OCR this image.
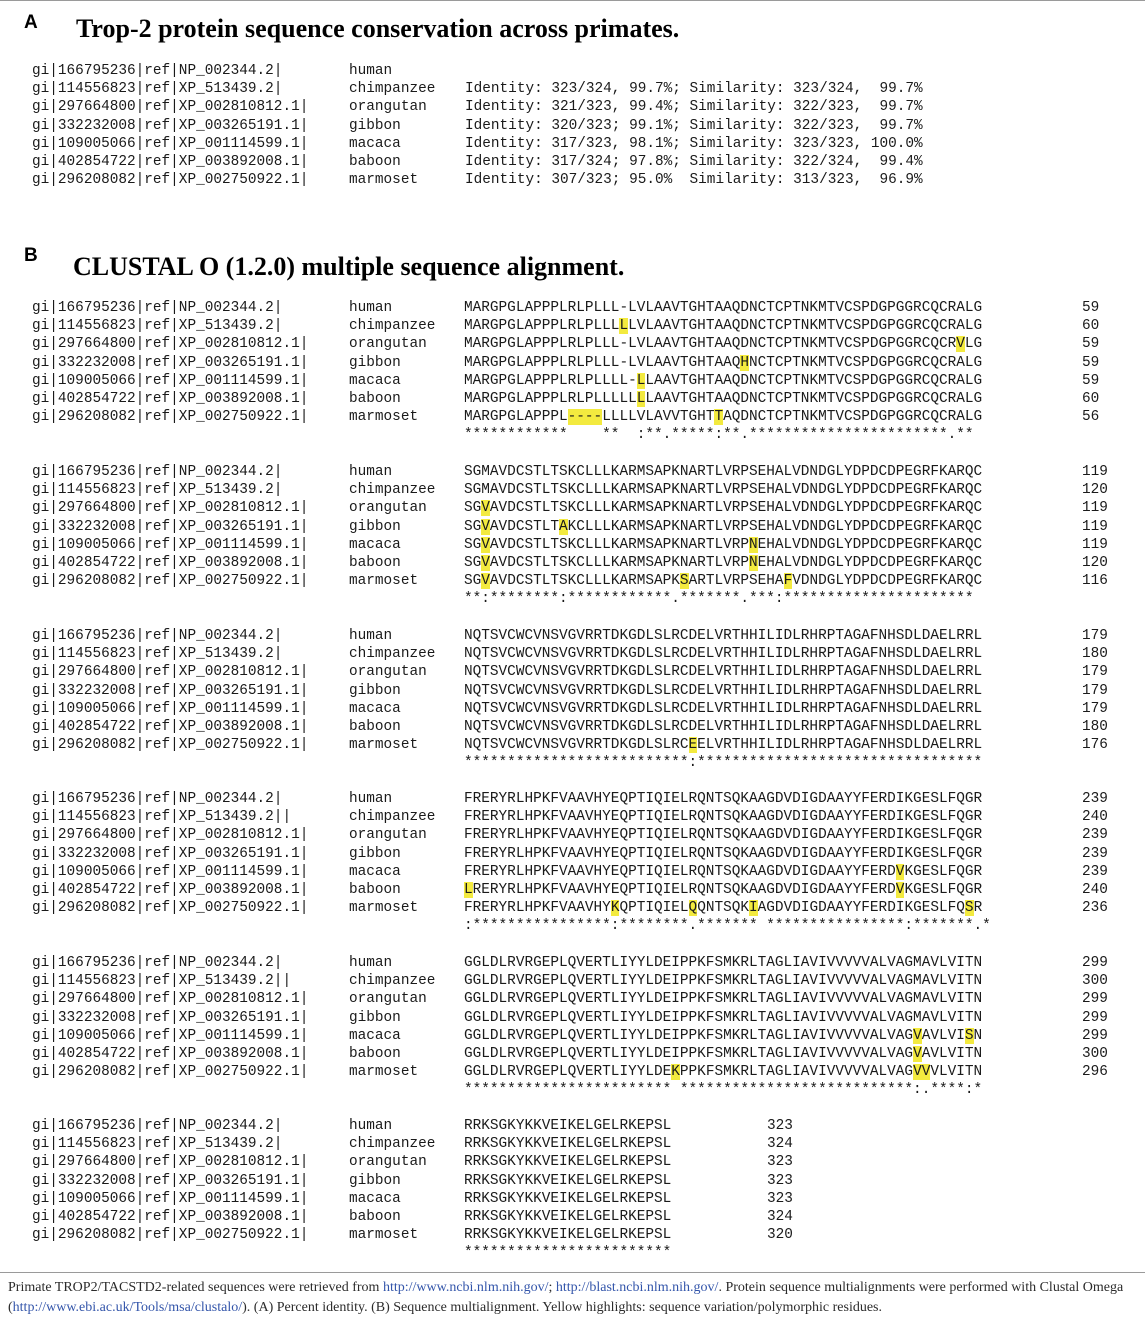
A Trop-2 protein sequence conservation across primates.
gi|166795236|ref|NP_002344.2|	human
gi|114556823|ref|XP_513439.2|	chimpanzee Identity: 323/324, 99.7%; Similarity: 323/324,  99.7%
gi|297664800|ref|XP_002810812.1|	orangutan	Identity: 321/323, 99.4%; Similarity: 322/323,  99.7%
gi|332232008|ref|XP_003265191.1|	gibbon	Identity: 320/323; 99.1%; Similarity: 322/323,  99.7%
gi|109005066|ref|XP_001114599.1|	macaca	Identity: 317/323, 98.1%; Similarity: 323/323, 100.0%
gi|402854722|ref|XP_003892008.1|	baboon	Identity: 317/324; 97.8%; Similarity: 322/324,  99.4%
gi|296208082|ref|XP_002750922.1|	marmoset	Identity: 307/323; 95.0%  Similarity: 313/323,  96.9%
B CLUSTAL O (1.2.0) multiple sequence alignment.
gi|166795236|ref|NP_002344.2|	human	MARGPGLAPPPLRLPLLL-LVLAAVTGHTAAQDNCTCPTNKMTVCSPDGPGGRCQCRALG	59
gi|114556823|ref|XP_513439.2|	chimpanzee MARGPGLAPPPLRLPLLLLLVLAAVTGHTAAQDNCTCPTNKMTVCSPDGPGGRCQCRALG	60
gi|297664800|ref|XP_002810812.1|	orangutan	MARGPGLAPPPLRLPLLL-LVLAAVTGHTAAQDNCTCPTNKMTVCSPDGPGGRCQCRVLG	59
gi|332232008|ref|XP_003265191.1|	gibbon	MARGPGLAPPPLRLPLLL-LVLAAVTGHTAAQHNCTCPTNKMTVCSPDGPGGRCQCRALG	59
gi|109005066|ref|XP_001114599.1|	macaca	MARGPGLAPPPLRLPLLLL-LLAAVTGHTAAQDNCTCPTNKMTVCSPDGPGGRCQCRALG	59
gi|402854722|ref|XP_003892008.1|	baboon	MARGPGLAPPPLRLPLLLLLLLAAVTGHTAAQDNCTCPTNKMTVCSPDGPGGRCQCRALG	60
gi|296208082|ref|XP_002750922.1|	marmoset	MARGPGLAPPPL----LLLLVLAVVTGHTTAQDNCTCPTNKMTVCSPDGPGGRCQCRALG	56
************    **  :**.*****:**.***********************.**
gi|166795236|ref|NP_002344.2|	human	SGMAVDCSTLTSKCLLLKARMSAPKNARTLVRPSEHALVDNDGLYDPDCDPEGRFKARQC	119
gi|114556823|ref|XP_513439.2|	chimpanzee SGMAVDCSTLTSKCLLLKARMSAPKNARTLVRPSEHALVDNDGLYDPDCDPEGRFKARQC	120
gi|297664800|ref|XP_002810812.1|	orangutan	SGVAVDCSTLTSKCLLLKARMSAPKNARTLVRPSEHALVDNDGLYDPDCDPEGRFKARQC	119
gi|332232008|ref|XP_003265191.1|	gibbon	SGVAVDCSTLTAKCLLLKARMSAPKNARTLVRPSEHALVDNDGLYDPDCDPEGRFKARQC	119
gi|109005066|ref|XP_001114599.1|	macaca	SGVAVDCSTLTSKCLLLKARMSAPKNARTLVRPNEHALVDNDGLYDPDCDPEGRFKARQC	119
gi|402854722|ref|XP_003892008.1|	baboon	SGVAVDCSTLTSKCLLLKARMSAPKNARTLVRPNEHALVDNDGLYDPDCDPEGRFKARQC	120
gi|296208082|ref|XP_002750922.1|	marmoset	SGVAVDCSTLTSKCLLLKARMSAPKSARTLVRPSEHAFVDNDGLYDPDCDPEGRFKARQC	116
**:********:************.*******.***:**********************
gi|166795236|ref|NP_002344.2|	human	NQTSVCWCVNSVGVRRTDKGDLSLRCDELVRTHHILIDLRHRPTAGAFNHSDLDAELRRL	179
gi|114556823|ref|XP_513439.2|	chimpanzee NQTSVCWCVNSVGVRRTDKGDLSLRCDELVRTHHILIDLRHRPTAGAFNHSDLDAELRRL	180
gi|297664800|ref|XP_002810812.1|	orangutan	NQTSVCWCVNSVGVRRTDKGDLSLRCDELVRTHHILIDLRHRPTAGAFNHSDLDAELRRL	179
gi|332232008|ref|XP_003265191.1|	gibbon	NQTSVCWCVNSVGVRRTDKGDLSLRCDELVRTHHILIDLRHRPTAGAFNHSDLDAELRRL	179
gi|109005066|ref|XP_001114599.1|	macaca	NQTSVCWCVNSVGVRRTDKGDLSLRCDELVRTHHILIDLRHRPTAGAFNHSDLDAELRRL	179
gi|402854722|ref|XP_003892008.1|	baboon	NQTSVCWCVNSVGVRRTDKGDLSLRCDELVRTHHILIDLRHRPTAGAFNHSDLDAELRRL	180
gi|296208082|ref|XP_002750922.1|	marmoset	NQTSVCWCVNSVGVRRTDKGDLSLRCEELVRTHHILIDLRHRPTAGAFNHSDLDAELRRL	176
**************************:*********************************
gi|166795236|ref|NP_002344.2|	human	FRERYRLHPKFVAAVHYEQPTIQIELRQNTSQKAAGDVDIGDAAYYFERDIKGESLFQGR	239
gi|114556823|ref|XP_513439.2||	chimpanzee FRERYRLHPKFVAAVHYEQPTIQIELRQNTSQKAAGDVDIGDAAYYFERDIKGESLFQGR	240
gi|297664800|ref|XP_002810812.1|	orangutan	FRERYRLHPKFVAAVHYEQPTIQIELRQNTSQKAAGDVDIGDAAYYFERDIKGESLFQGR	239
gi|332232008|ref|XP_003265191.1|	gibbon	FRERYRLHPKFVAAVHYEQPTIQIELRQNTSQKAAGDVDIGDAAYYFERDIKGESLFQGR	239
gi|109005066|ref|XP_001114599.1|	macaca	FRERYRLHPKFVAAVHYEQPTIQIELRQNTSQKAAGDVDIGDAAYYFERDVKGESLFQGR	239
gi|402854722|ref|XP_003892008.1|	baboon	LRERYRLHPKFVAAVHYEQPTIQIELRQNTSQKAAGDVDIGDAAYYFERDVKGESLFQGR	240
gi|296208082|ref|XP_002750922.1|	marmoset	FRERYRLHPKFVAAVHYKQPTIQIELQQNTSQKIAGDVDIGDAAYYFERDIKGESLFQSR	236
:****************:********.******* ****************:*******.*
gi|166795236|ref|NP_002344.2|	human	GGLDLRVRGEPLQVERTLIYYLDEIPPKFSMKRLTAGLIAVIVVVVVALVAGMAVLVITN	299
gi|114556823|ref|XP_513439.2||	chimpanzee GGLDLRVRGEPLQVERTLIYYLDEIPPKFSMKRLTAGLIAVIVVVVVALVAGMAVLVITN	300
gi|297664800|ref|XP_002810812.1|	orangutan	GGLDLRVRGEPLQVERTLIYYLDEIPPKFSMKRLTAGLIAVIVVVVVALVAGMAVLVITN	299
gi|332232008|ref|XP_003265191.1|	gibbon	GGLDLRVRGEPLQVERTLIYYLDEIPPKFSMKRLTAGLIAVIVVVVVALVAGMAVLVITN	299
gi|109005066|ref|XP_001114599.1|	macaca	GGLDLRVRGEPLQVERTLIYYLDEIPPKFSMKRLTAGLIAVIVVVVVALVAGVAVLVISN	299
gi|402854722|ref|XP_003892008.1|	baboon	GGLDLRVRGEPLQVERTLIYYLDEIPPKFSMKRLTAGLIAVIVVVVVALVAGVAVLVITN	300
gi|296208082|ref|XP_002750922.1|	marmoset	GGLDLRVRGEPLQVERTLIYYLDEKPPKFSMKRLTAGLIAVIVVVVVALVAGVVVLVITN	296
************************ ***************************:.****:*
gi|166795236|ref|NP_002344.2|	human	RRKSGKYKKVEIKELGELRKEPSL	323
gi|114556823|ref|XP_513439.2|	chimpanzee RRKSGKYKKVEIKELGELRKEPSL	324
gi|297664800|ref|XP_002810812.1|	orangutan	RRKSGKYKKVEIKELGELRKEPSL	323
gi|332232008|ref|XP_003265191.1|	gibbon	RRKSGKYKKVEIKELGELRKEPSL	323
gi|109005066|ref|XP_001114599.1|	macaca	RRKSGKYKKVEIKELGELRKEPSL	323
gi|402854722|ref|XP_003892008.1|	baboon	RRKSGKYKKVEIKELGELRKEPSL	324
gi|296208082|ref|XP_002750922.1|	marmoset	RRKSGKYKKVEIKELGELRKEPSL	320
************************
Primate TROP2/TACSTD2-related sequences were retrieved from http://www.ncbi.nlm.nih.gov/; http://blast.ncbi.nlm.nih.gov/. Protein sequence multialignments were performed with Clustal Omega (http://www.ebi.ac.uk/Tools/msa/clustalo/). (A) Percent identity. (B) Sequence multialignment. Yellow highlights: sequence variation/polymorphic residues.
